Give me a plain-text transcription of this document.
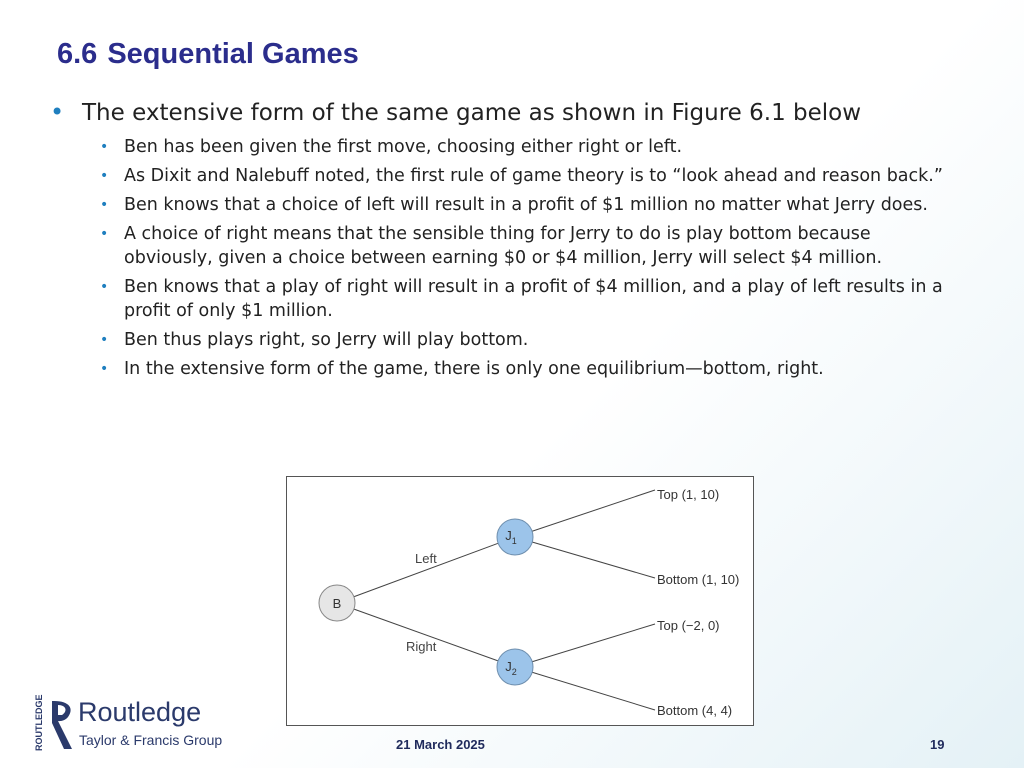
6.6 Sequential Games
• The extensive form of the same game as shown in Figure 6.1 below
• Ben has been given the first move, choosing either right or left.
• As Dixit and Nalebuff noted, the first rule of game theory is to “look ahead and reason back.”
• Ben knows that a choice of left will result in a profit of $1 million no matter what Jerry does.
• A choice of right means that the sensible thing for Jerry to do is play bottom because obviously, given a choice between earning $0 or $4 million, Jerry will select $4 million.
• Ben knows that a play of right will result in a profit of $4 million, and a play of left results in a profit of only $1 million.
• Ben thus plays right, so Jerry will play bottom.
• In the extensive form of the game, there is only one equilibrium—bottom, right.
B
$J_1$
$J_2$
Left
Right
Top (1, 10)
Bottom (1, 10)
Top (−2, 0)
Bottom (4, 4)
ROUTLEDGE Routledge
Taylor & Francis Group	21 March 2025	19
